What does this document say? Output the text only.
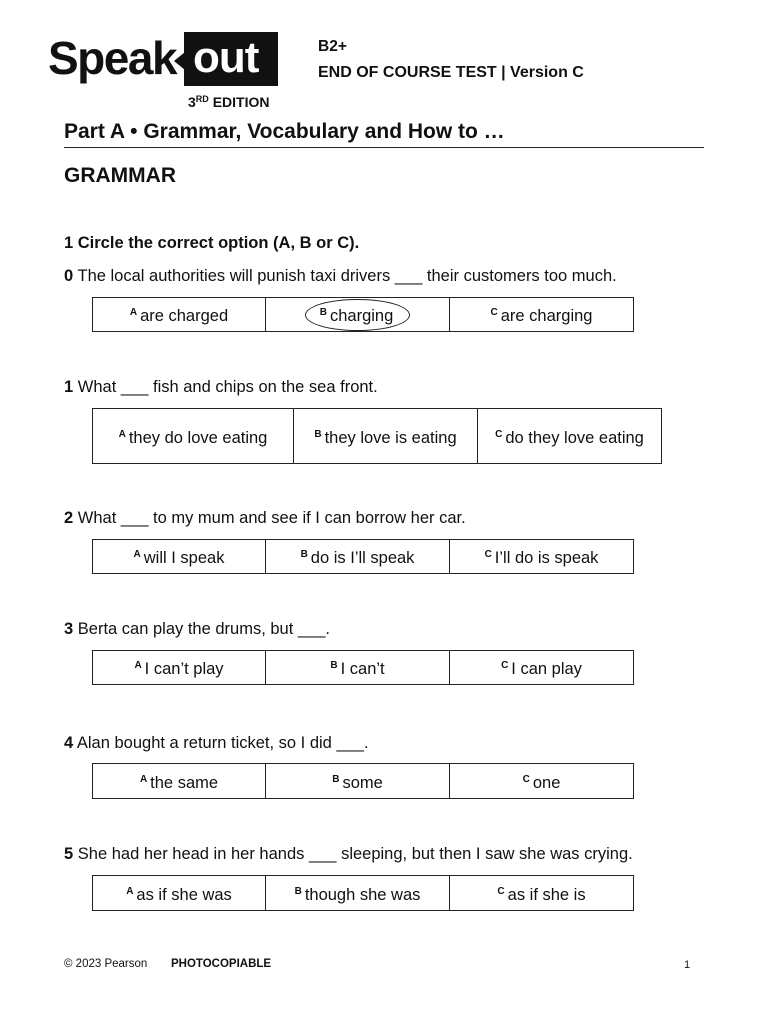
Speak out
3RD EDITION
B2+
END OF COURSE TEST | Version C
Part A • Grammar, Vocabulary and How to …
GRAMMAR
1 Circle the correct option (A, B or C).
0 The local authorities will punish taxi drivers ___ their customers too much.
$^A$ are charged	$^B$ charging	$^C$ are charging
1 What ___ fish and chips on the sea front.
$^A$ they do love eating	$^B$ they love is eating	$^C$ do they love eating
2 What ___ to my mum and see if I can borrow her car.
$^A$ will I speak	$^B$ do is I’ll speak	$^C$ I’ll do is speak
3 Berta can play the drums, but ___.
$^A$ I can’t play	$^B$ I can’t	$^C$ I can play
4 Alan bought a return ticket, so I did ___.
$^A$ the same	$^B$ some	$^C$ one
5 She had her head in her hands ___ sleeping, but then I saw she was crying.
$^A$ as if she was	$^B$ though she was	$^C$ as if she is
© 2023 Pearson PHOTOCOPIABLE	1
